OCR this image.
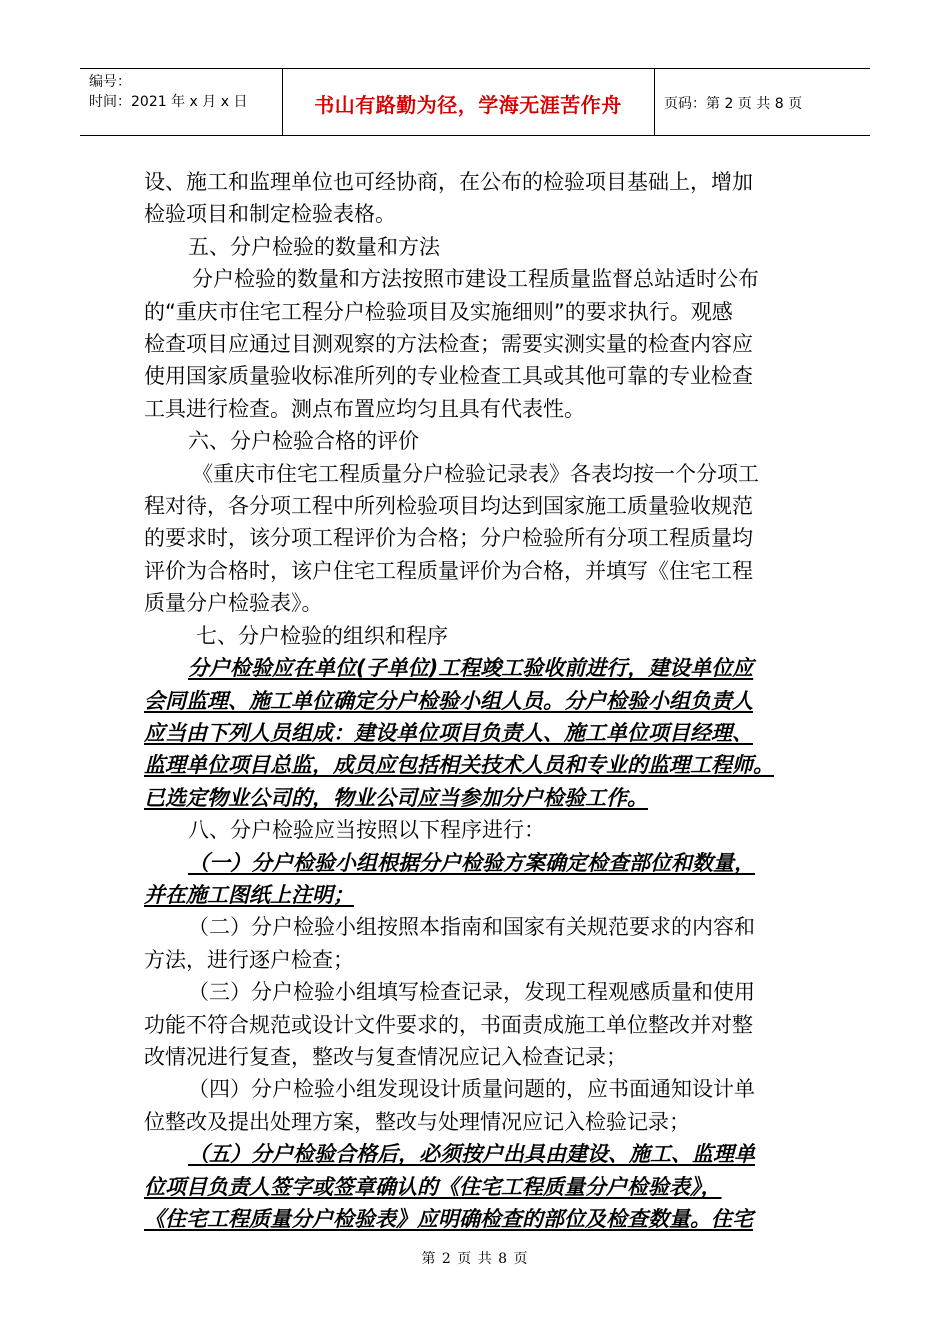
编号：
时间：2021 年 x 月 x 日	书山有路勤为径，学海无涯苦作舟	页码：第 2 页 共 8 页
设、施工和监理单位也可经协商，在公布的检验项目基础上，增加
检验项目和制定检验表格。
五、分户检验的数量和方法
分户检验的数量和方法按照市建设工程质量监督总站适时公布
的“重庆市住宅工程分户检验项目及实施细则”的要求执行。观感
检查项目应通过目测观察的方法检查；需要实测实量的检查内容应
使用国家质量验收标准所列的专业检查工具或其他可靠的专业检查
工具进行检查。测点布置应均匀且具有代表性。
六、分户检验合格的评价
《重庆市住宅工程质量分户检验记录表》各表均按一个分项工
程对待，各分项工程中所列检验项目均达到国家施工质量验收规范
的要求时，该分项工程评价为合格；分户检验所有分项工程质量均
评价为合格时，该户住宅工程质量评价为合格，并填写《住宅工程
质量分户检验表》。
七、分户检验的组织和程序
分户检验应在单位(子单位)工程竣工验收前进行，建设单位应
会同监理、施工单位确定分户检验小组人员。分户检验小组负责人
应当由下列人员组成：建设单位项目负责人、施工单位项目经理、
监理单位项目总监，成员应包括相关技术人员和专业的监理工程师。
已选定物业公司的，物业公司应当参加分户检验工作。
八、分户检验应当按照以下程序进行：
（一）分户检验小组根据分户检验方案确定检查部位和数量，
并在施工图纸上注明；
（二）分户检验小组按照本指南和国家有关规范要求的内容和
方法，进行逐户检查；
（三）分户检验小组填写检查记录，发现工程观感质量和使用
功能不符合规范或设计文件要求的，书面责成施工单位整改并对整
改情况进行复查，整改与复查情况应记入检查记录；
（四）分户检验小组发现设计质量问题的，应书面通知设计单
位整改及提出处理方案，整改与处理情况应记入检验记录；
（五）分户检验合格后，必须按户出具由建设、施工、监理单
位项目负责人签字或签章确认的《住宅工程质量分户检验表》，
《住宅工程质量分户检验表》应明确检查的部位及检查数量。住宅
第 2 页 共 8 页
